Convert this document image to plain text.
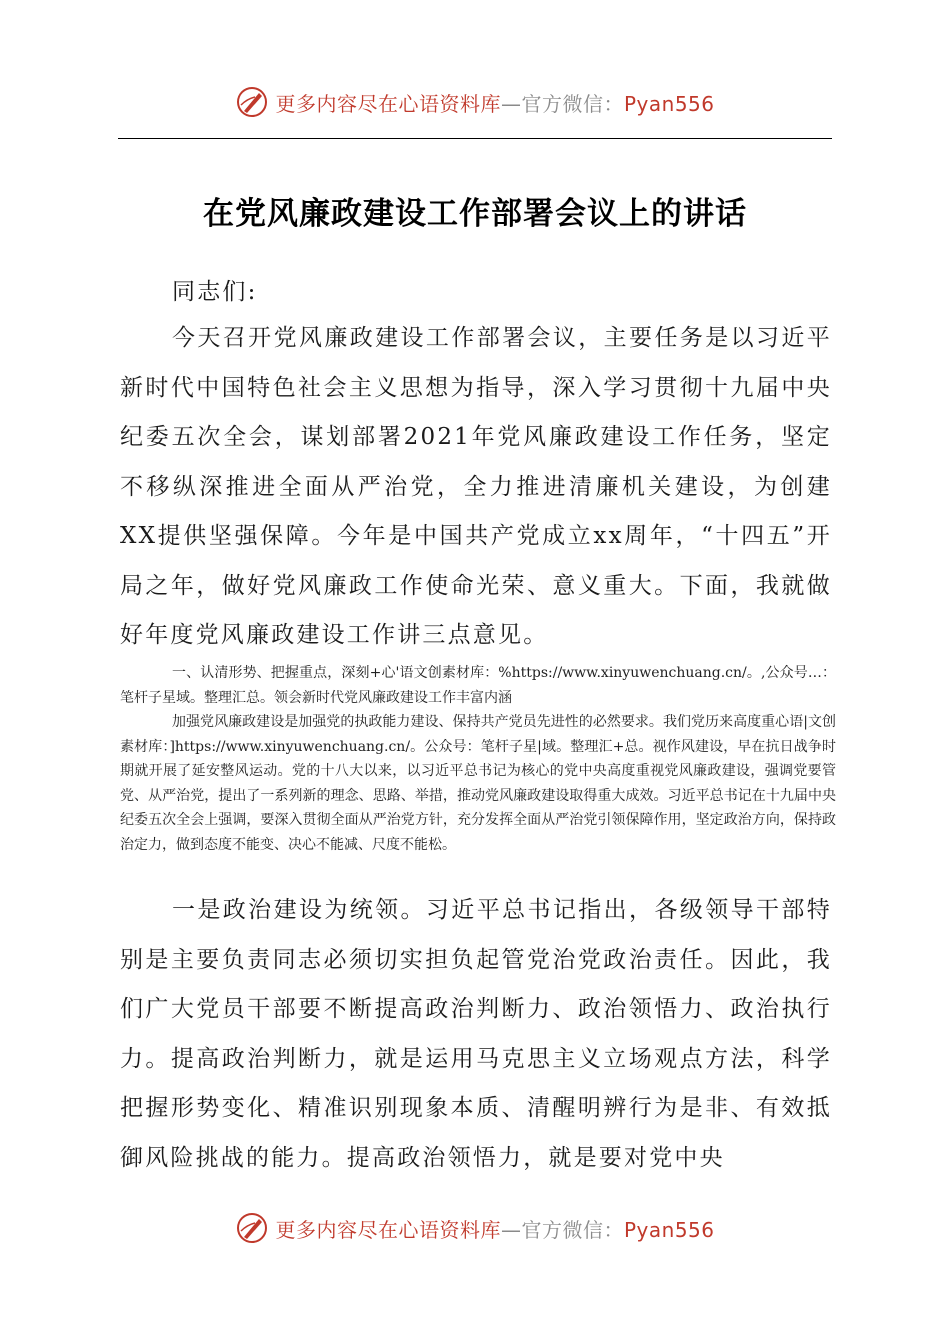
更多内容尽在心语资料库—官方微信：Pyan556
在党风廉政建设工作部署会议上的讲话
同志们:
今天召开党风廉政建设工作部署会议，主要任务是以习近平新时代中国特色社会主义思想为指导，深入学习贯彻十九届中央纪委五次全会，谋划部署2021年党风廉政建设工作任务，坚定不移纵深推进全面从严治党，全力推进清廉机关建设，为创建XX提供坚强保障。今年是中国共产党成立xx周年，“十四五”开局之年，做好党风廉政工作使命光荣、意义重大。下面，我就做好年度党风廉政建设工作讲三点意见。
一、认清形势、把握重点，深刻+心'语文创素材库：%https://www.xinyuwenchuang.cn/。,公众号…：笔杆子星域。整理汇总。领会新时代党风廉政建设工作丰富内涵
加强党风廉政建设是加强党的执政能力建设、保持共产党员先进性的必然要求。我们党历来高度重心语|文创素材库：]https://www.xinyuwenchuang.cn/。公众号：笔杆子星|域。整理汇+总。视作风建设，早在抗日战争时期就开展了延安整风运动。党的十八大以来，以习近平总书记为核心的党中央高度重视党风廉政建设，强调党要管党、从严治党，提出了一系列新的理念、思路、举措，推动党风廉政建设取得重大成效。习近平总书记在十九届中央纪委五次全会上强调，要深入贯彻全面从严治党方针，充分发挥全面从严治党引领保障作用，坚定政治方向，保持政治定力，做到态度不能变、决心不能减、尺度不能松。
一是政治建设为统领。习近平总书记指出，各级领导干部特别是主要负责同志必须切实担负起管党治党政治责任。因此，我们广大党员干部要不断提高政治判断力、政治领悟力、政治执行力。提高政治判断力，就是运用马克思主义立场观点方法，科学把握形势变化、精准识别现象本质、清醒明辨行为是非、有效抵御风险挑战的能力。提高政治领悟力，就是要对党中央
更多内容尽在心语资料库—官方微信：Pyan556
